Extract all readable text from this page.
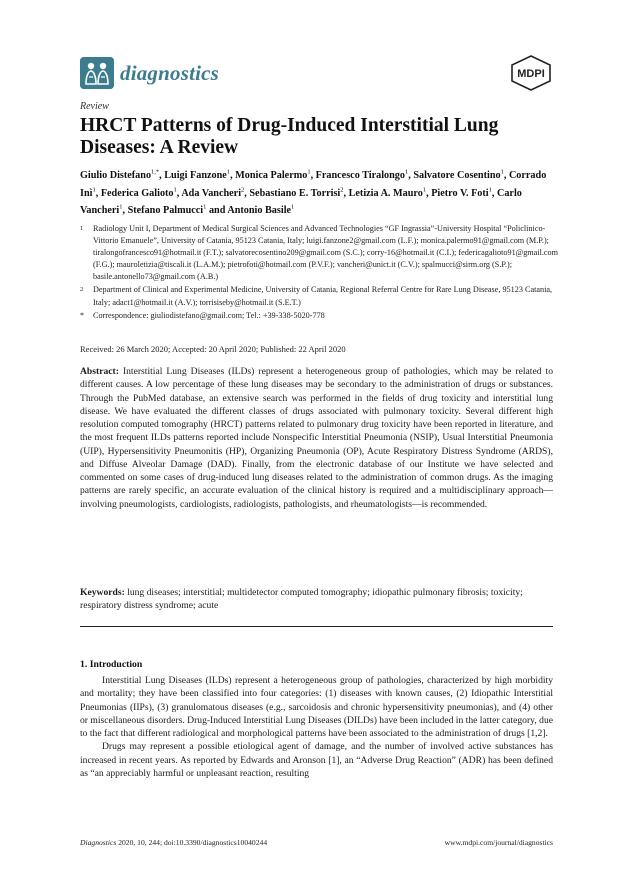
diagnostics	MDPI
Review
HRCT Patterns of Drug-Induced Interstitial Lung Diseases: A Review
Giulio Distefano$^{1,*}$, Luigi Fanzone$^1$, Monica Palermo$^1$, Francesco Tiralongo$^1$, Salvatore Cosentino$^1$, Corrado Inì$^1$, Federica Galioto$^1$, Ada Vancheri$^2$, Sebastiano E. Torrisi$^2$, Letizia A. Mauro$^1$, Pietro V. Foti$^1$, Carlo Vancheri$^1$, Stefano Palmucci$^1$ and Antonio Basile$^1$
1	Radiology Unit I, Department of Medical Surgical Sciences and Advanced Technologies “GF Ingrassia”-University Hospital “Policlinico-Vittorio Emanuele”, University of Catania, 95123 Catania, Italy; luigi.fanzone2@gmail.com (L.F.); monica.palermo91@gmail.com (M.P.); tiralongofrancesco91@hotmail.it (F.T.); salvatorecosentino209@gmail.com (S.C.); corry-16@hotmail.it (C.I.); federicagalioto91@gmail.com (F.G.); mauroletizia@tiscali.it (L.A.M.); pietrofoti@hotmail.com (P.V.F.); vancheri@unict.it (C.V.); spalmucci@sirm.org (S.P.); basile.antonello73@gmail.com (A.B.)
2	Department of Clinical and Experimental Medicine, University of Catania, Regional Referral Centre for Rare Lung Disease, 95123 Catania, Italy; adact1@hotmail.it (A.V.); torrisiseby@hotmail.it (S.E.T.)
*	Correspondence: giuliodistefano@gmail.com; Tel.: +39-338-5020-778
Received: 26 March 2020; Accepted: 20 April 2020; Published: 22 April 2020
Abstract: Interstitial Lung Diseases (ILDs) represent a heterogeneous group of pathologies, which may be related to different causes. A low percentage of these lung diseases may be secondary to the administration of drugs or substances. Through the PubMed database, an extensive search was performed in the fields of drug toxicity and interstitial lung disease. We have evaluated the different classes of drugs associated with pulmonary toxicity. Several different high resolution computed tomography (HRCT) patterns related to pulmonary drug toxicity have been reported in literature, and the most frequent ILDs patterns reported include Nonspecific Interstitial Pneumonia (NSIP), Usual Interstitial Pneumonia (UIP), Hypersensitivity Pneumonitis (HP), Organizing Pneumonia (OP), Acute Respiratory Distress Syndrome (ARDS), and Diffuse Alveolar Damage (DAD). Finally, from the electronic database of our Institute we have selected and commented on some cases of drug-induced lung diseases related to the administration of common drugs. As the imaging patterns are rarely specific, an accurate evaluation of the clinical history is required and a multidisciplinary approach—involving pneumologists, cardiologists, radiologists, pathologists, and rheumatologists—is recommended.
Keywords: lung diseases; interstitial; multidetector computed tomography; idiopathic pulmonary fibrosis; toxicity; respiratory distress syndrome; acute
1. Introduction

Interstitial Lung Diseases (ILDs) represent a heterogeneous group of pathologies, characterized by high morbidity and mortality; they have been classified into four categories: (1) diseases with known causes, (2) Idiopathic Interstitial Pneumonias (IIPs), (3) granulomatous diseases (e.g., sarcoidosis and chronic hypersensitivity pneumonias), and (4) other or miscellaneous disorders. Drug-Induced Interstitial Lung Diseases (DILDs) have been included in the latter category, due to the fact that different radiological and morphological patterns have been associated to the administration of drugs [1,2].

Drugs may represent a possible etiological agent of damage, and the number of involved active substances has increased in recent years. As reported by Edwards and Aronson [1], an “Adverse Drug Reaction” (ADR) has been defined as “an appreciably harmful or unpleasant reaction, resulting

Diagnostics 2020, 10, 244; doi:10.3390/diagnostics10040244	www.mdpi.com/journal/diagnostics
